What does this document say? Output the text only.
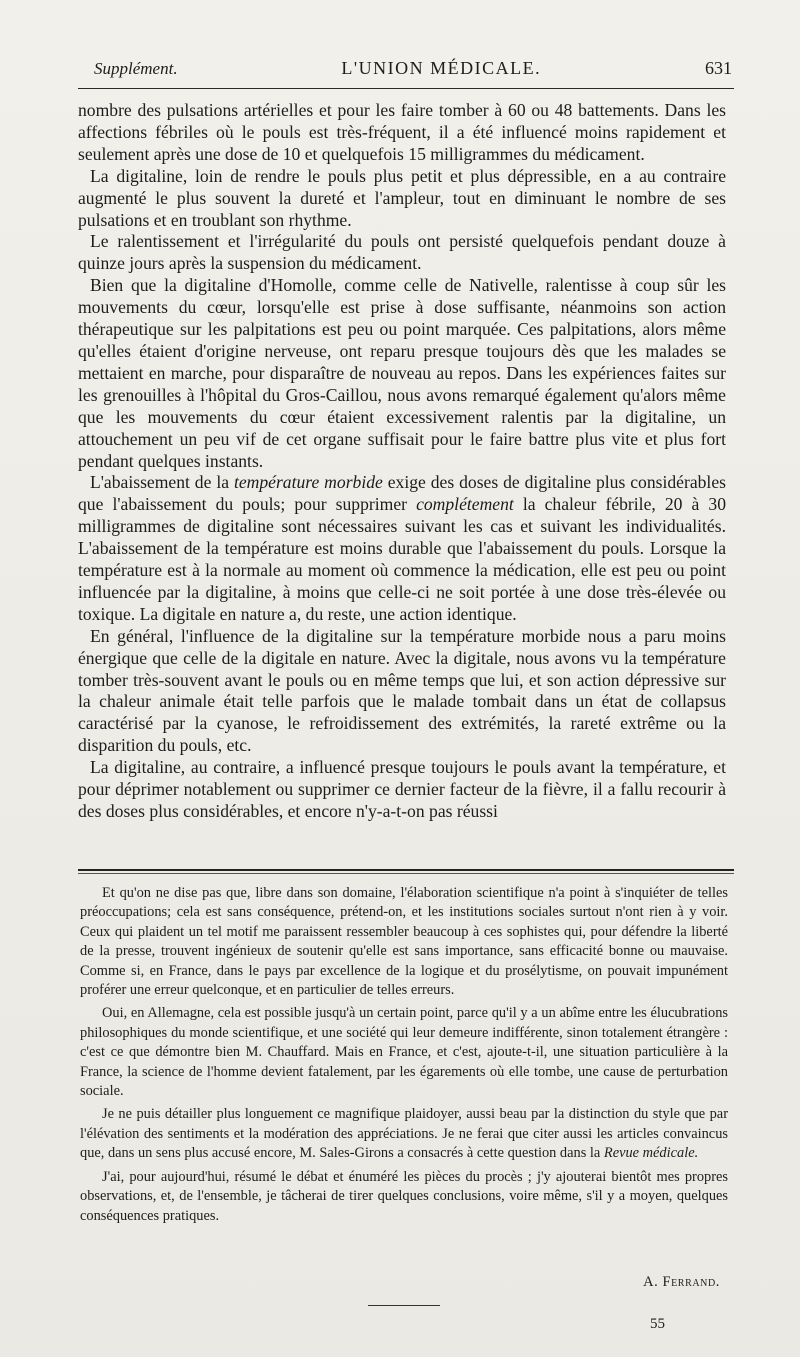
Supplément.	L'UNION MÉDICALE.	631

nombre des pulsations artérielles et pour les faire tomber à 60 ou 48 battements. Dans les affections fébriles où le pouls est très-fréquent, il a été influencé moins rapidement et seulement après une dose de 10 et quelquefois 15 milligrammes du médicament.

La digitaline, loin de rendre le pouls plus petit et plus dépressible, en a au contraire augmenté le plus souvent la dureté et l'ampleur, tout en diminuant le nombre de ses pulsations et en troublant son rhythme.

Le ralentissement et l'irrégularité du pouls ont persisté quelquefois pendant douze à quinze jours après la suspension du médicament.

Bien que la digitaline d'Homolle, comme celle de Nativelle, ralentisse à coup sûr les mouvements du cœur, lorsqu'elle est prise à dose suffisante, néanmoins son action thérapeutique sur les palpitations est peu ou point marquée. Ces palpitations, alors même qu'elles étaient d'origine nerveuse, ont reparu presque toujours dès que les malades se mettaient en marche, pour disparaître de nouveau au repos. Dans les expériences faites sur les grenouilles à l'hôpital du Gros-Caillou, nous avons remarqué également qu'alors même que les mouvements du cœur étaient excessivement ralentis par la digitaline, un attouchement un peu vif de cet organe suffisait pour le faire battre plus vite et plus fort pendant quelques instants.

L'abaissement de la température morbide exige des doses de digitaline plus considérables que l'abaissement du pouls; pour supprimer complétement la chaleur fébrile, 20 à 30 milligrammes de digitaline sont nécessaires suivant les cas et suivant les individualités. L'abaissement de la température est moins durable que l'abaissement du pouls. Lorsque la température est à la normale au moment où commence la médication, elle est peu ou point influencée par la digitaline, à moins que celle-ci ne soit portée à une dose très-élevée ou toxique. La digitale en nature a, du reste, une action identique.

En général, l'influence de la digitaline sur la température morbide nous a paru moins énergique que celle de la digitale en nature. Avec la digitale, nous avons vu la température tomber très-souvent avant le pouls ou en même temps que lui, et son action dépressive sur la chaleur animale était telle parfois que le malade tombait dans un état de collapsus caractérisé par la cyanose, le refroidissement des extrémités, la rareté extrême ou la disparition du pouls, etc.

La digitaline, au contraire, a influencé presque toujours le pouls avant la température, et pour déprimer notablement ou supprimer ce dernier facteur de la fièvre, il a fallu recourir à des doses plus considérables, et encore n'y-a-t-on pas réussi

Et qu'on ne dise pas que, libre dans son domaine, l'élaboration scientifique n'a point à s'inquiéter de telles préoccupations; cela est sans conséquence, prétend-on, et les institutions sociales surtout n'ont rien à y voir. Ceux qui plaident un tel motif me paraissent ressembler beaucoup à ces sophistes qui, pour défendre la liberté de la presse, trouvent ingénieux de soutenir qu'elle est sans importance, sans efficacité bonne ou mauvaise. Comme si, en France, dans le pays par excellence de la logique et du prosélytisme, on pouvait impunément proférer une erreur quelconque, et en particulier de telles erreurs.

Oui, en Allemagne, cela est possible jusqu'à un certain point, parce qu'il y a un abîme entre les élucubrations philosophiques du monde scientifique, et une société qui leur demeure indifférente, sinon totalement étrangère : c'est ce que démontre bien M. Chauffard. Mais en France, et c'est, ajoute-t-il, une situation particulière à la France, la science de l'homme devient fatalement, par les égarements où elle tombe, une cause de perturbation sociale.

Je ne puis détailler plus longuement ce magnifique plaidoyer, aussi beau par la distinction du style que par l'élévation des sentiments et la modération des appréciations. Je ne ferai que citer aussi les articles convaincus que, dans un sens plus accusé encore, M. Sales-Girons a consacrés à cette question dans la Revue médicale.

J'ai, pour aujourd'hui, résumé le débat et énuméré les pièces du procès ; j'y ajouterai bientôt mes propres observations, et, de l'ensemble, je tâcherai de tirer quelques conclusions, voire même, s'il y a moyen, quelques conséquences pratiques.

A. Ferrand.
55
